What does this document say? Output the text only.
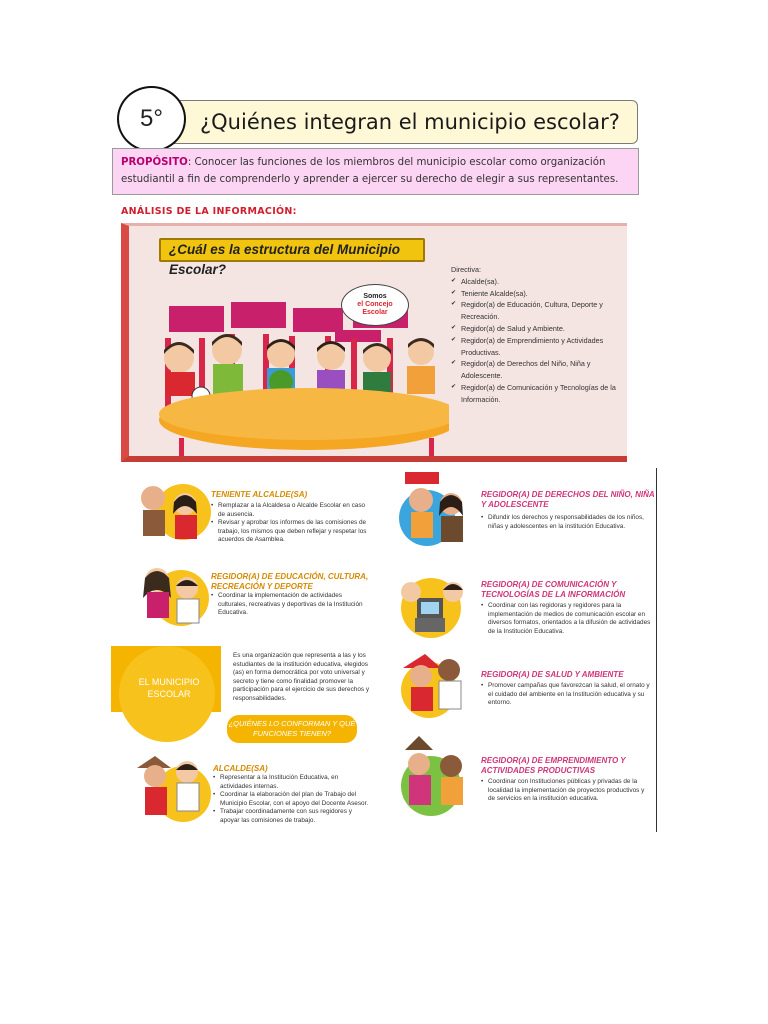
5°	¿Quiénes integran el municipio escolar?
PROPÓSITO: Conocer las funciones de los miembros del municipio escolar como organización estudiantil a fin de comprenderlo y aprender a ejercer su derecho de elegir a sus representantes.
ANÁLISIS DE LA INFORMACIÓN:
¿Cuál es la estructura del Municipio Escolar?
Somos
el Concejo
Escolar
Directiva:
✔ Alcalde(sa).
✔ Teniente Alcalde(sa).
✔ Regidor(a) de Educación, Cultura, Deporte y Recreación.
✔ Regidor(a) de Salud y Ambiente.
✔ Regidor(a) de Emprendimiento y Actividades Productivas.
✔ Regidor(a) de Derechos del Niño, Niña y Adolescente.
✔ Regidor(a) de Comunicación y Tecnologías de la Información.
TENIENTE ALCALDE(SA)
• Remplazar a la Alcaldesa o Alcalde Escolar en caso de ausencia.
• Revisar y aprobar los informes de las comisiones de trabajo, los mismos que deben reflejar y respetar los acuerdos de Asamblea.
REGIDOR(A) DE DERECHOS DEL NIÑO, NIÑA Y ADOLESCENTE
• Difundir los derechos y responsabilidades de los niños, niñas y adolescentes en la institución Educativa.
REGIDOR(A) DE EDUCACIÓN, CULTURA, RECREACIÓN Y DEPORTE
• Coordinar la implementación de actividades culturales, recreativas y deportivas de la Institución Educativa.
REGIDOR(A) DE COMUNICACIÓN Y TECNOLOGÍAS DE LA INFORMACIÓN
• Coordinar con las regidoras y regidores para la implementación de medios de comunicación escolar en diversos formatos, orientados a la difusión de actividades de la Institución Educativa.
EL MUNICIPIO ESCOLAR
Es una organización que representa a las y los estudiantes de la institución educativa, elegidos (as) en forma democrática por voto universal y secreto y tiene como finalidad promover la participación para el ejercicio de sus derechos y responsabilidades.
¿QUIÉNES LO CONFORMAN Y QUÉ FUNCIONES TIENEN?
REGIDOR(A) DE SALUD Y AMBIENTE
• Promover campañas que favorezcan la salud, el ornato y el cuidado del ambiente en la Institución educativa y su entorno.
ALCALDE(SA)
• Representar a la Institución Educativa, en actividades internas.
• Coordinar la elaboración del plan de Trabajo del Municipio Escolar, con el apoyo del Docente Asesor.
• Trabajar coordinadamente con sus regidores y apoyar las comisiones de trabajo.
REGIDOR(A) DE EMPRENDIMIENTO Y ACTIVIDADES PRODUCTIVAS
• Coordinar con Instituciones públicas y privadas de la localidad la implementación de proyectos productivos y de servicios en la institución educativa.
